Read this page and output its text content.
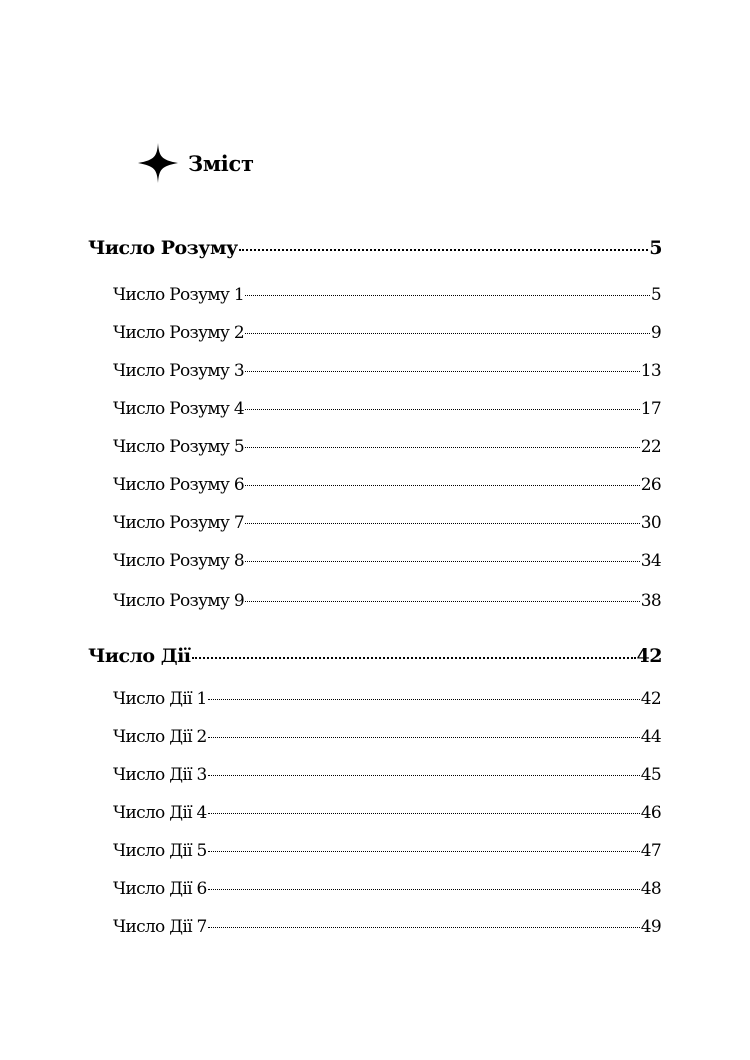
Зміст
Число Розуму	5
Число Розуму 1	5
Число Розуму 2	9
Число Розуму 3	13
Число Розуму 4	17
Число Розуму 5	22
Число Розуму 6	26
Число Розуму 7	30
Число Розуму 8	34
Число Розуму 9	38
Число Дії	42
Число Дії 1	42
Число Дії 2	44
Число Дії 3	45
Число Дії 4	46
Число Дії 5	47
Число Дії 6	48
Число Дії 7	49
